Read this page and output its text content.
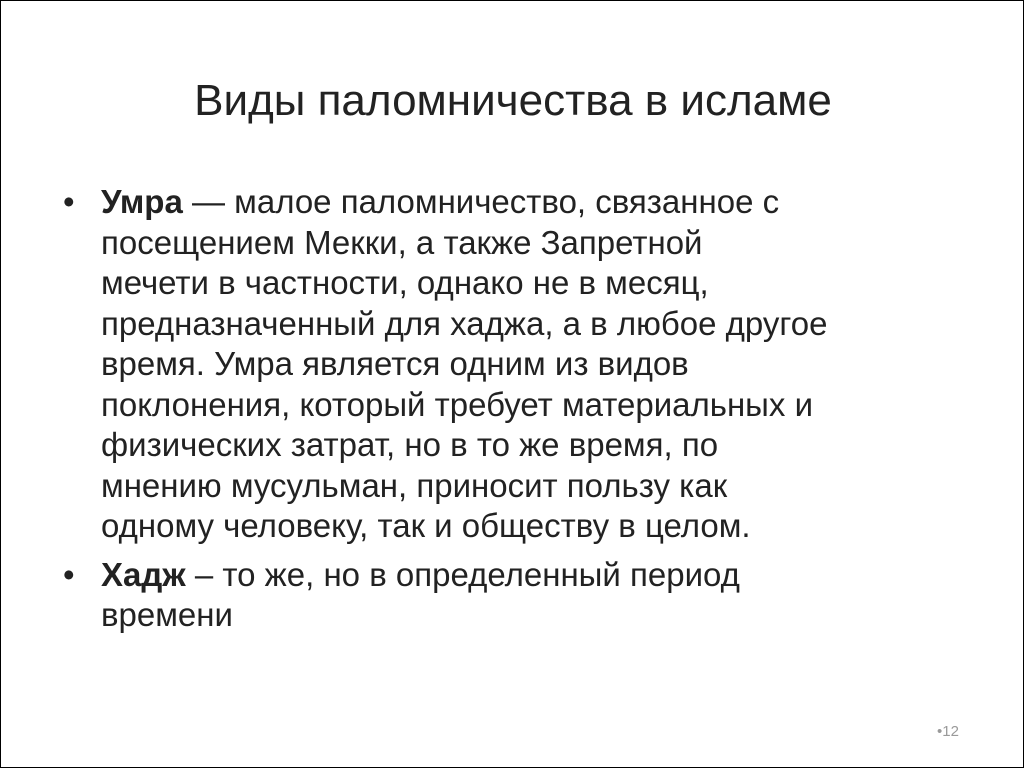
Виды паломничества в исламе
• Умра — малое паломничество, связанное с
посещением Мекки, а также Запретной
мечети в частности, однако не в месяц,
предназначенный для хаджа, а в любое другое
время. Умра является одним из видов
поклонения, который требует материальных и
физических затрат, но в то же время, по
мнению мусульман, приносит пользу как
одному человеку, так и обществу в целом.
• Хадж – то же, но в определенный период
времени
•12
